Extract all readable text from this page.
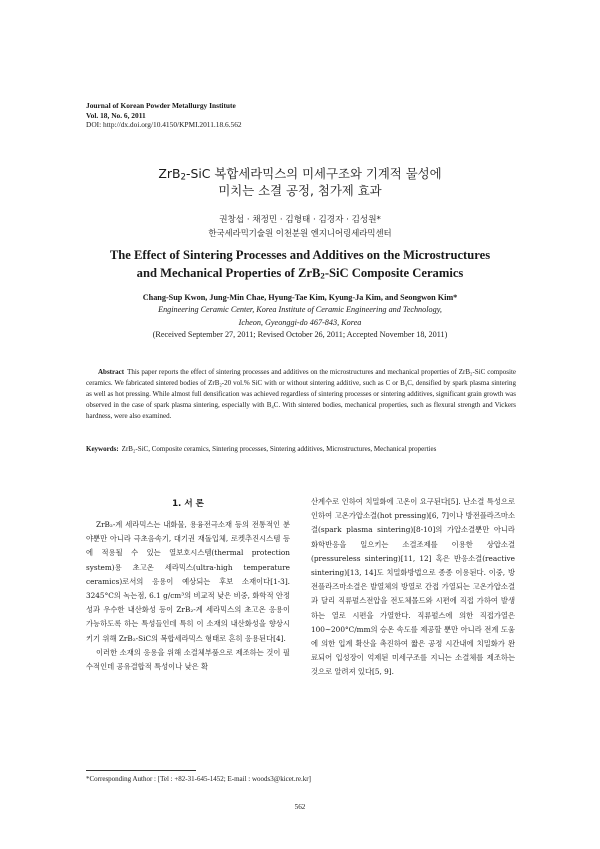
Journal of Korean Powder Metallurgy Institute
Vol. 18, No. 6, 2011
DOI: http://dx.doi.org/10.4150/KPMI.2011.18.6.562
ZrB$_2$-SiC 복합세라믹스의 미세구조와 기계적 물성에
미치는 소결 공정, 첨가제 효과
권창섭 · 채정민 · 김형태 · 김경자 · 김성원*
한국세라믹기술원 이천분원 엔지니어링세라믹센터
The Effect of Sintering Processes and Additives on the Microstructures
and Mechanical Properties of ZrB$_2$-SiC Composite Ceramics
Chang-Sup Kwon, Jung-Min Chae, Hyung-Tae Kim, Kyung-Ja Kim, and Seongwon Kim*
Engineering Ceramic Center, Korea Institute of Ceramic Engineering and Technology,
Icheon, Gyeonggi-do 467-843, Korea
(Received September 27, 2011; Revised October 26, 2011; Accepted November 18, 2011)
Abstract This paper reports the effect of sintering processes and additives on the microstructures and mechanical properties of ZrB₂-SiC composite ceramics. We fabricated sintered bodies of ZrB₂-20 vol.% SiC with or without sintering additive, such as C or B₄C, densified by spark plasma sintering as well as hot pressing. While almost full densification was achieved regardless of sintering processes or sintering additives, significant grain growth was observed in the case of spark plasma sintering, especially with B₄C. With sintered bodies, mechanical properties, such as flexural strength and Vickers hardness, were also examined.
Keywords: ZrB₂-SiC, Composite ceramics, Sintering processes, Sintering additives, Microstructures, Mechanical properties
1. 서 론

ZrB₂-계 세라믹스는 내화물, 용융전극소재 등의 전통적인 분야뿐만 아니라 극초음속기, 대기권 재돌입체, 로켓추진시스템 등에 적용될 수 있는 열보호시스템(thermal protection system)용 초고온 세라믹스(ultra-high temperature ceramics)로서의 응용이 예상되는 후보 소재이다[1-3]. 3245°C의 녹는점, 6.1 g/cm³의 비교적 낮은 비중, 화학적 안정성과 우수한 내산화성 등이 ZrB₂-계 세라믹스의 초고온 응용이 가능하도록 하는 특성들인데 특히 이 소재의 내산화성을 향상시키기 위해 ZrB₂-SiC의 복합세라믹스 형태로 흔히 응용된다[4].

이러한 소재의 응용을 위해 소결체부품으로 제조하는 것이 필수적인데 공유결합적 특성이나 낮은 확

산계수로 인하여 치밀화에 고온이 요구된다[5]. 난소결 특성으로 인하여 고온가압소결(hot pressing)[6, 7]이나 방전플라즈마소결(spark plasma sintering)[8-10]의 가압소결뿐만 아니라 화학반응을 일으키는 소결조제를 이용한 상압소결(pressureless sintering)[11, 12] 혹은 반응소결(reactive sintering)[13, 14]도 치밀화방법으로 종종 이용된다. 이중, 방전플라즈마소결은 발열체의 방열로 간접 가열되는 고온가압소결과 달리 직류펄스전압을 전도체몰드와 시편에 직접 가하여 발생하는 열로 시편을 가열한다. 직류펄스에 의한 직접가열은 100~200°C/mm의 승온 속도를 제공할 뿐만 아니라 전계 도움에 의한 입계 확산을 촉진하여 짧은 공정 시간내에 치밀화가 완료되어 입성장이 억제된 미세구조를 지니는 소결체를 제조하는 것으로 알려져 있다[5, 9].

*Corresponding Author : [Tel : +82-31-645-1452; E-mail : woods3@kicet.re.kr]
562
